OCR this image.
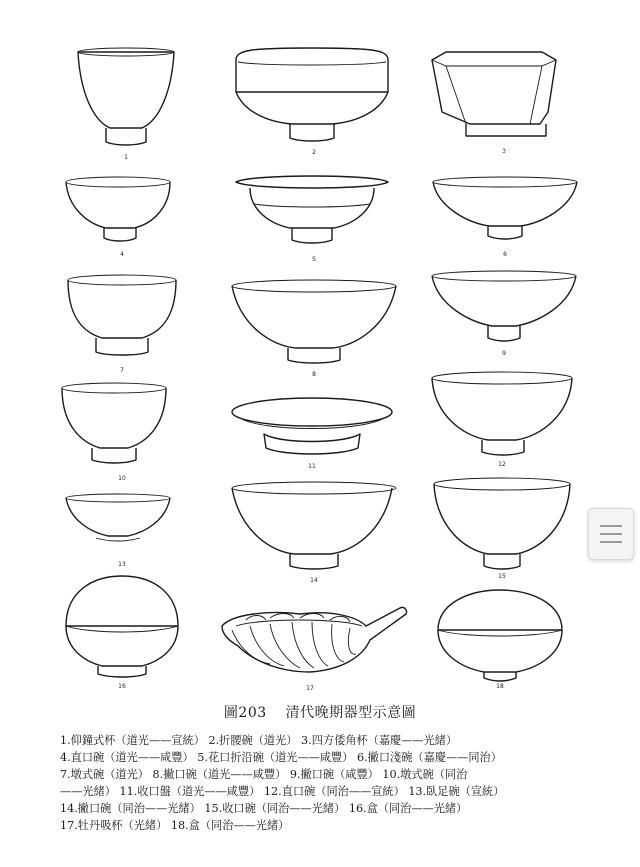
1
2	3
4
5
6
7
8
9
10
11	12
13
14
15
16	17	18
圖203 清代晚期器型示意圖
1.仰鐘式杯（道光——宣統） 2.折腰碗（道光） 3.四方倭角杯（嘉慶——光緒）
4.直口碗（道光——咸豐） 5.花口折沿碗（道光——咸豐） 6.撇口淺碗（嘉慶——同治）
7.墩式碗（道光） 8.撇口碗（道光——咸豐） 9.撇口碗（咸豐） 10.墩式碗（同治
——光緒） 11.收口盤（道光——咸豐） 12.直口碗（同治——宣統） 13.臥足碗（宣統）
14.撇口碗（同治——光緒） 15.收口碗（同治——光緒） 16.盒（同治——光緒）
17.牡丹吸杯（光緒） 18.盒（同治——光緒）
